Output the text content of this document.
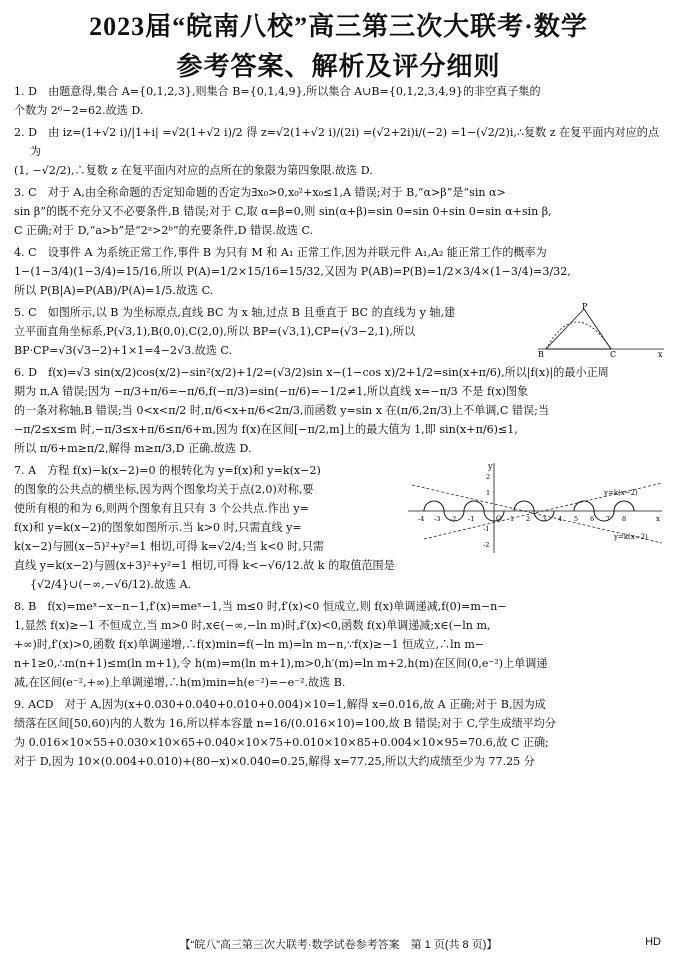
2023届“皖南八校”高三第三次大联考·数学
参考答案、解析及评分细则
1. D　由题意得,集合 A={0,1,2,3},则集合 B={0,1,4,9},所以集合 A∪B={0,1,2,3,4,9}的非空真子集的
个数为 2⁶−2=62.故选 D.
2. D　由 iz=(1+√2 i)/|1+i| =√2(1+√2 i)/2 得 z=√2(1+√2 i)/(2i) =(√2+2i)i/(−2) =1−(√2/2)i,∴复数 z 在复平面内对应的点为
(1, −√2/2),∴复数 z 在复平面内对应的点所在的象限为第四象限.故选 D.
3. C　对于 A,由全称命题的否定知命题的否定为∃x₀>0,x₀²+x₀≤1,A 错误;对于 B,“α>β”是“sin α>
sin β”的既不充分又不必要条件,B 错误;对于 C,取 α=β=0,则 sin(α+β)=sin 0=sin 0+sin 0=sin α+sin β,
C 正确;对于 D,“a>b”是“2ᵃ>2ᵇ”的充要条件,D 错误.故选 C.
4. C　设事件 A 为系统正常工作,事件 B 为只有 M 和 A₁ 正常工作,因为并联元件 A₁,A₂ 能正常工作的概率为
1−(1−3/4)(1−3/4)=15/16,所以 P(A)=1/2×15/16=15/32,又因为 P(AB)=P(B)=1/2×3/4×(1−3/4)=3/32,
所以 P(B|A)=P(AB)/P(A)=1/5.故选 C.
P
B	C	x
5. C　如图所示,以 B 为坐标原点,直线 BC 为 x 轴,过点 B 且垂直于 BC 的直线为 y 轴,建
立平面直角坐标系,P(√3,1),B(0,0),C(2,0),所以 BP=(√3,1),CP=(√3−2,1),所以
BP·CP=√3(√3−2)+1×1=4−2√3.故选 C.
6. D　f(x)=√3 sin(x/2)cos(x/2)−sin²(x/2)+1/2=(√3/2)sin x−(1−cos x)/2+1/2=sin(x+π/6),所以|f(x)|的最小正周
期为 π,A 错误;因为 −π/3+π/6=−π/6,f(−π/3)=sin(−π/6)=−1/2≠1,所以直线 x=−π/3 不是 f(x)图象
的一条对称轴,B 错误;当 0<x<π/2 时,π/6<x+π/6<2π/3,而函数 y=sin x 在(π/6,2π/3)上不单调,C 错误;当
−π/2≤x≤m 时,−π/3≤x+π/6≤π/6+m,因为 f(x)在区间[−π/2,m]上的最大值为 1,即 sin(x+π/6)≤1,
所以 π/6+m≥π/2,解得 m≥π/3,D 正确.故选 D.
y
y=k(x−2)
y=k(x−2)
O	x
-4 -3 -2 -1	1 2 3 4 5 6 7 8
2
1
-1
-2
7. A　方程 f(x)−k(x−2)=0 的根转化为 y=f(x)和 y=k(x−2)
的图象的公共点的横坐标,因为两个图象均关于点(2,0)对称,要
使所有根的和为 6,则两个图象有且只有 3 个公共点.作出 y=
f(x)和 y=k(x−2)的图象如图所示.当 k>0 时,只需直线 y=
k(x−2)与圆(x−5)²+y²=1 相切,可得 k=√2/4;当 k<0 时,只需
直线 y=k(x−2)与圆(x+3)²+y²=1 相切,可得 k<−√6/12.故 k 的取值范围是{√2/4}∪(−∞,−√6/12).故选 A.
8. B　f(x)=meˣ−x−n−1,f′(x)=meˣ−1,当 m≤0 时,f′(x)<0 恒成立,则 f(x)单调递减,f(0)=m−n−
1,显然 f(x)≥−1 不恒成立,当 m>0 时,x∈(−∞,−ln m)时,f′(x)<0,函数 f(x)单调递减;x∈(−ln m,
+∞)时,f′(x)>0,函数 f(x)单调递增,∴f(x)min=f(−ln m)=ln m−n,∵f(x)≥−1 恒成立,∴ln m−
n+1≥0,∴m(n+1)≤m(ln m+1),令 h(m)=m(ln m+1),m>0,h′(m)=ln m+2,h(m)在区间(0,e⁻²)上单调递
减,在区间(e⁻²,+∞)上单调递增,∴h(m)min=h(e⁻²)=−e⁻².故选 B.
9. ACD　对于 A,因为(x+0.030+0.040+0.010+0.004)×10=1,解得 x=0.016,故 A 正确;对于 B,因为成
绩落在区间[50,60)内的人数为 16,所以样本容量 n=16/(0.016×10)=100,故 B 错误;对于 C,学生成绩平均分
为 0.016×10×55+0.030×10×65+0.040×10×75+0.010×10×85+0.004×10×95=70.6,故 C 正确;
对于 D,因为 10×(0.004+0.010)+(80−x)×0.040=0.25,解得 x=77.25,所以大约成绩至少为 77.25 分
【“皖八”高三第三次大联考·数学试卷参考答案　第 1 页(共 8 页)】	HD
